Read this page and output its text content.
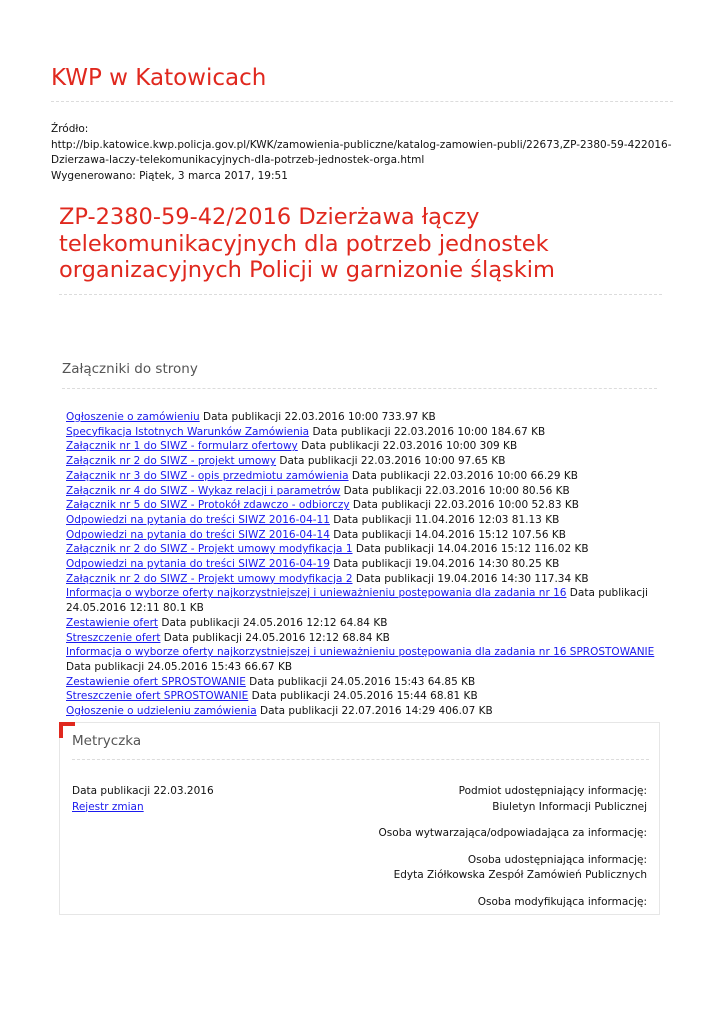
KWP w Katowicach
Źródło:
http://bip.katowice.kwp.policja.gov.pl/KWK/zamowienia-publiczne/katalog-zamowien-publi/22673,ZP-2380-59-422016-Dzierzawa-laczy-telekomunikacyjnych-dla-potrzeb-jednostek-orga.html
Wygenerowano: Piątek, 3 marca 2017, 19:51
ZP-2380-59-42/2016 Dzierżawa łączy telekomunikacyjnych dla potrzeb jednostek organizacyjnych Policji w garnizonie śląskim
Załączniki do strony
Ogłoszenie o zamówieniu Data publikacji 22.03.2016 10:00 733.97 KB
Specyfikacja Istotnych Warunków Zamówienia Data publikacji 22.03.2016 10:00 184.67 KB
Załącznik nr 1 do SIWZ - formularz ofertowy Data publikacji 22.03.2016 10:00 309 KB
Załącznik nr 2 do SIWZ - projekt umowy Data publikacji 22.03.2016 10:00 97.65 KB
Załącznik nr 3 do SIWZ - opis przedmiotu zamówienia Data publikacji 22.03.2016 10:00 66.29 KB
Załącznik nr 4 do SIWZ - Wykaz relacji i parametrów Data publikacji 22.03.2016 10:00 80.56 KB
Załącznik nr 5 do SIWZ - Protokół zdawczo - odbiorczy Data publikacji 22.03.2016 10:00 52.83 KB
Odpowiedzi na pytania do treści SIWZ 2016-04-11 Data publikacji 11.04.2016 12:03 81.13 KB
Odpowiedzi na pytania do treści SIWZ 2016-04-14 Data publikacji 14.04.2016 15:12 107.56 KB
Załącznik nr 2 do SIWZ - Projekt umowy modyfikacja 1 Data publikacji 14.04.2016 15:12 116.02 KB
Odpowiedzi na pytania do treści SIWZ 2016-04-19 Data publikacji 19.04.2016 14:30 80.25 KB
Załącznik nr 2 do SIWZ - Projekt umowy modyfikacja 2 Data publikacji 19.04.2016 14:30 117.34 KB
Informacja o wyborze oferty najkorzystniejszej i unieważnieniu postępowania dla zadania nr 16 Data publikacji 24.05.2016 12:11 80.1 KB
Zestawienie ofert Data publikacji 24.05.2016 12:12 64.84 KB
Streszczenie ofert Data publikacji 24.05.2016 12:12 68.84 KB
Informacja o wyborze oferty najkorzystniejszej i unieważnieniu postępowania dla zadania nr 16 SPROSTOWANIE Data publikacji 24.05.2016 15:43 66.67 KB
Zestawienie ofert SPROSTOWANIE Data publikacji 24.05.2016 15:43 64.85 KB
Streszczenie ofert SPROSTOWANIE Data publikacji 24.05.2016 15:44 68.81 KB
Ogłoszenie o udzieleniu zamówienia Data publikacji 22.07.2016 14:29 406.07 KB
Metryczka
Data publikacji 22.03.2016
Rejestr zmian
Podmiot udostępniający informację:
Biuletyn Informacji Publicznej
Osoba wytwarzająca/odpowiadająca za informację:
Osoba udostępniająca informację:
Edyta Ziółkowska Zespół Zamówień Publicznych
Osoba modyfikująca informację:
